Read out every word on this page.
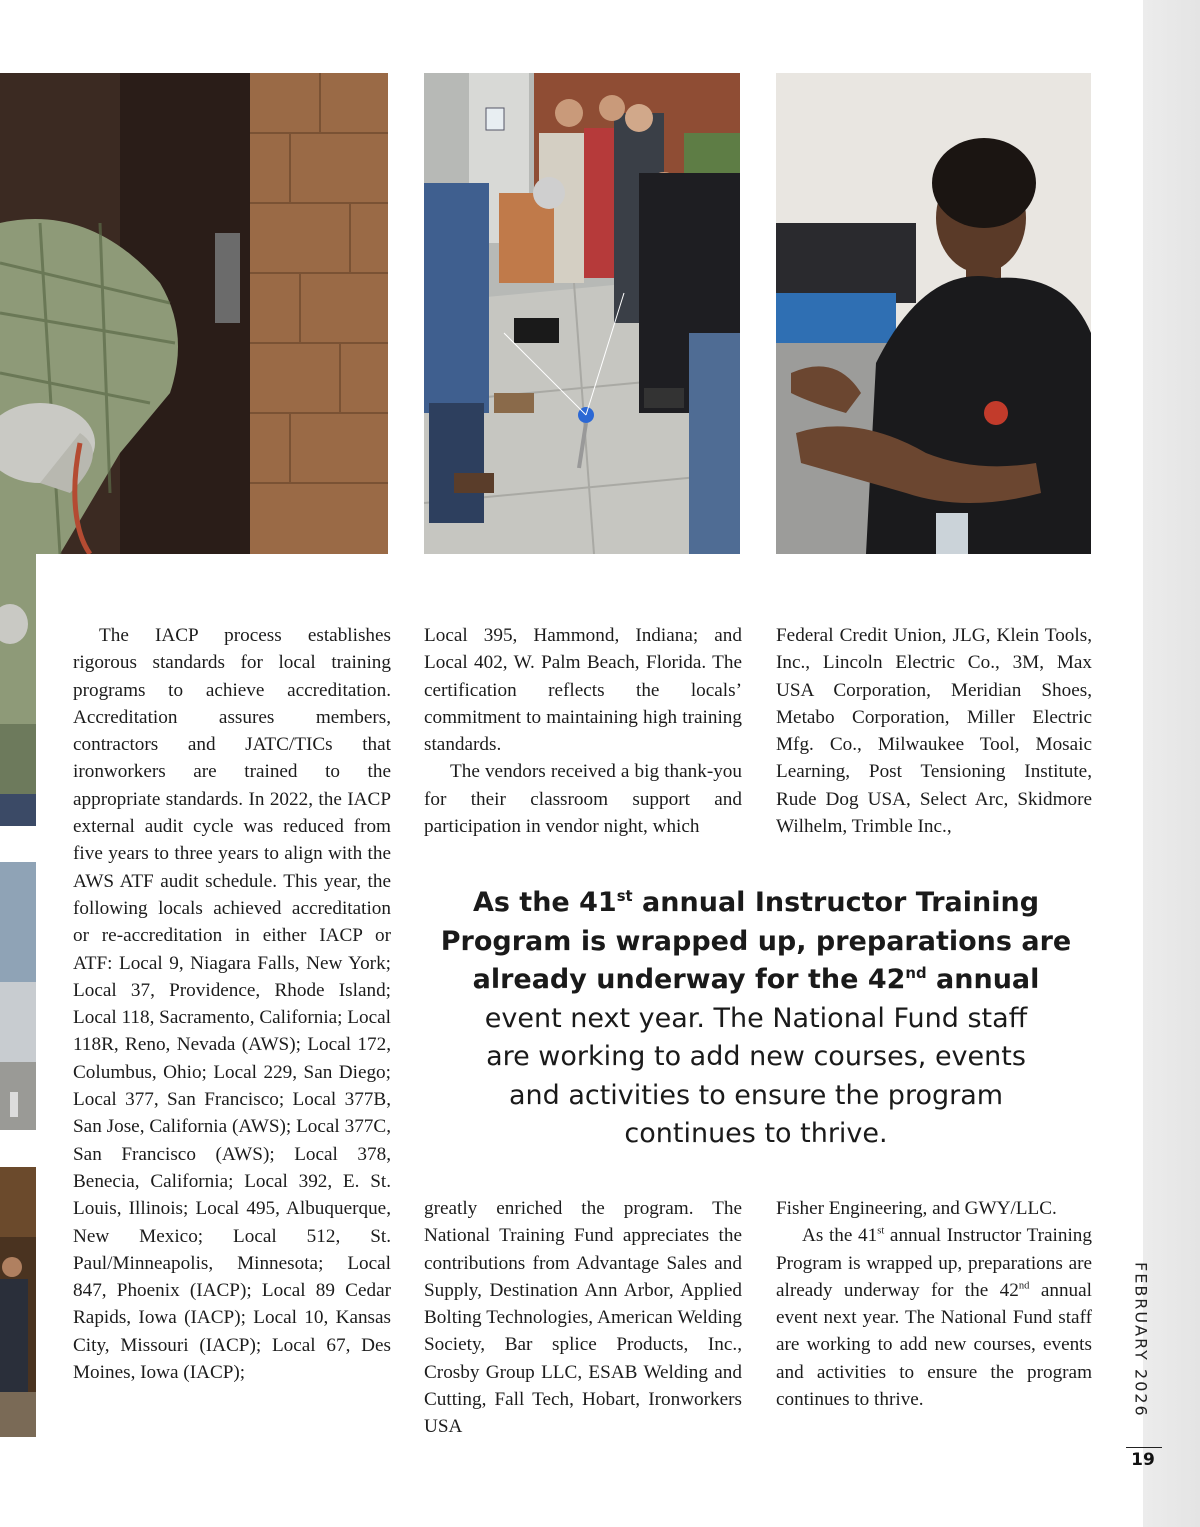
The IACP process establishes rigorous standards for local training programs to achieve accreditation. Accreditation assures members, contractors and JATC/TICs that ironworkers are trained to the appropriate standards. In 2022, the IACP external audit cycle was reduced from five years to three years to align with the AWS ATF audit schedule. This year, the following locals achieved accreditation or re-accreditation in either IACP or ATF: Local 9, Niagara Falls, New York; Local 37, Providence, Rhode Island; Local 118, Sacramento, California; Local 118R, Reno, Nevada (AWS); Local 172, Columbus, Ohio; Local 229, San Diego; Local 377, San Francisco; Local 377B, San Jose, California (AWS); Local 377C, San Francisco (AWS); Local 378, Benecia, California; Local 392, E. St. Louis, Illinois; Local 495, Albuquerque, New Mexico; Local 512, St. Paul/Minneapolis, Minnesota; Local 847, Phoenix (IACP); Local 89 Cedar Rapids, Iowa (IACP); Local 10, Kansas City, Missouri (IACP); Local 67, Des Moines, Iowa (IACP);

Local 395, Hammond, Indiana; and Local 402, W. Palm Beach, Florida. The certification reflects the locals’ commitment to maintaining high training standards.

The vendors received a big thank-you for their classroom support and participation in vendor night, which

Federal Credit Union, JLG, Klein Tools, Inc., Lincoln Electric Co., 3M, Max USA Corporation, Meridian Shoes, Metabo Corporation, Miller Electric Mfg. Co., Milwaukee Tool, Mosaic Learning, Post Tensioning Institute, Rude Dog USA, Select Arc, Skidmore Wilhelm, Trimble Inc.,

As the 41st annual Instructor Training Program is wrapped up, preparations are already underway for the 42nd annual
event next year. The National Fund staff are working to add new courses, events and activities to ensure the program continues to thrive.

greatly enriched the program. The National Training Fund appreciates the contributions from Advantage Sales and Supply, Destination Ann Arbor, Applied Bolting Technologies, American Welding Society, Bar splice Products, Inc., Crosby Group LLC, ESAB Welding and Cutting, Fall Tech, Hobart, Ironworkers USA

Fisher Engineering, and GWY/LLC.

As the 41st annual Instructor Training Program is wrapped up, preparations are already underway for the 42nd annual event next year. The National Fund staff are working to add new courses, events and activities to ensure the program continues to thrive.	FEBRUARY 2026
19
